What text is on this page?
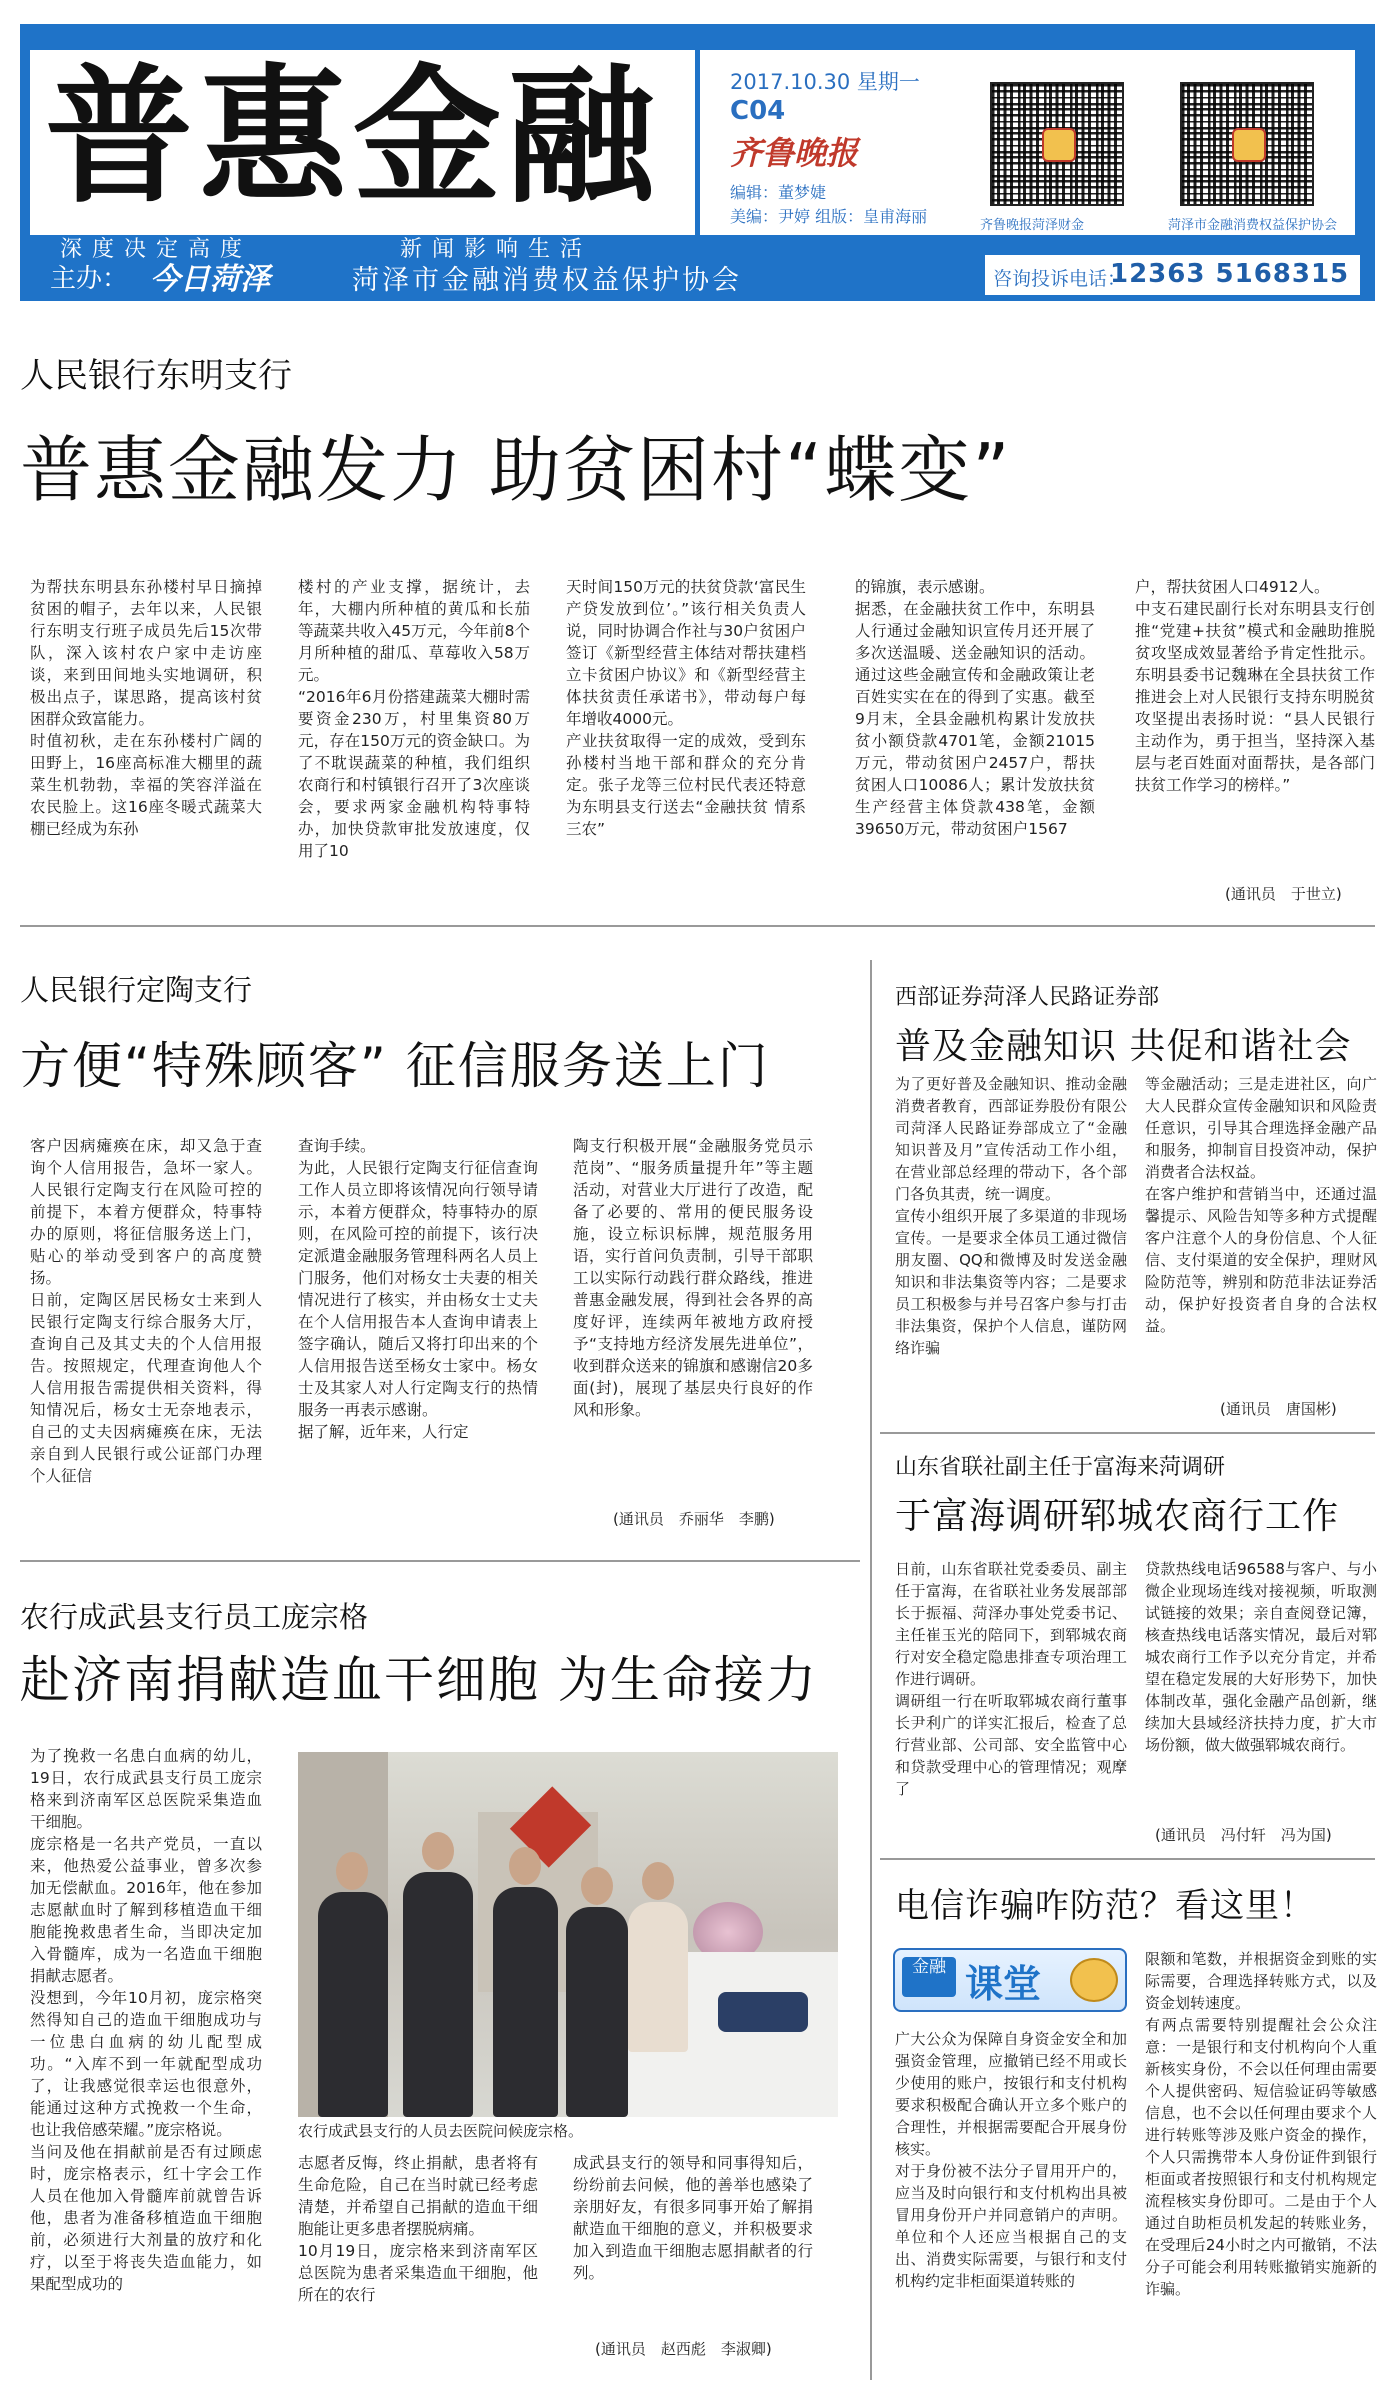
普惠金融
深度决定高度	新闻影响生活
2017.10.30 星期一
C04
齐鲁晚报
编辑：董梦婕
美编：尹婷 组版：皇甫海丽	齐鲁晚报菏泽财金	菏泽市金融消费权益保护协会
主办： 今日菏泽	菏泽市金融消费权益保护协会	咨询投诉电话：
12363 5168315
人民银行东明支行
普惠金融发力 助贫困村“蝶变”
为帮扶东明县东孙楼村早日摘掉贫困的帽子，去年以来，人民银行东明支行班子成员先后15次带队，深入该村农户家中走访座谈，来到田间地头实地调研，积极出点子，谋思路，提高该村贫困群众致富能力。
时值初秋，走在东孙楼村广阔的田野上，16座高标准大棚里的蔬菜生机勃勃，幸福的笑容洋溢在农民脸上。这16座冬暖式蔬菜大棚已经成为东孙
楼村的产业支撑，据统计，去年，大棚内所种植的黄瓜和长茄等蔬菜共收入45万元，今年前8个月所种植的甜瓜、草莓收入58万元。
“2016年6月份搭建蔬菜大棚时需要资金230万，村里集资80万元，存在150万元的资金缺口。为了不耽误蔬菜的种植，我们组织农商行和村镇银行召开了3次座谈会，要求两家金融机构特事特办，加快贷款审批发放速度，仅用了10
天时间150万元的扶贫贷款‘富民生产贷发放到位’。”该行相关负责人说，同时协调合作社与30户贫困户签订《新型经营主体结对帮扶建档立卡贫困户协议》和《新型经营主体扶贫责任承诺书》，带动每户每年增收4000元。
产业扶贫取得一定的成效，受到东孙楼村当地干部和群众的充分肯定。张子龙等三位村民代表还特意为东明县支行送去“金融扶贫 情系三农”
的锦旗，表示感谢。
据悉，在金融扶贫工作中，东明县人行通过金融知识宣传月还开展了多次送温暖、送金融知识的活动。通过这些金融宣传和金融政策让老百姓实实在在的得到了实惠。截至9月末，全县金融机构累计发放扶贫小额贷款4701笔，金额21015万元，带动贫困户2457户，帮扶贫困人口10086人；累计发放扶贫生产经营主体贷款438笔，金额39650万元，带动贫困户1567
户，帮扶贫困人口4912人。
中支石建民副行长对东明县支行创推“党建+扶贫”模式和金融助推脱贫攻坚成效显著给予肯定性批示。东明县委书记魏琳在全县扶贫工作推进会上对人民银行支持东明脱贫攻坚提出表扬时说：“县人民银行主动作为，勇于担当，坚持深入基层与老百姓面对面帮扶，是各部门扶贫工作学习的榜样。”
(通讯员　于世立)
人民银行定陶支行
方便“特殊顾客” 征信服务送上门
客户因病瘫痪在床，却又急于查询个人信用报告，急坏一家人。人民银行定陶支行在风险可控的前提下，本着方便群众，特事特办的原则，将征信服务送上门，贴心的举动受到客户的高度赞扬。
日前，定陶区居民杨女士来到人民银行定陶支行综合服务大厅，查询自己及其丈夫的个人信用报告。按照规定，代理查询他人个人信用报告需提供相关资料，得知情况后，杨女士无奈地表示，自己的丈夫因病瘫痪在床，无法亲自到人民银行或公证部门办理个人征信
查询手续。
为此，人民银行定陶支行征信查询工作人员立即将该情况向行领导请示，本着方便群众，特事特办的原则，在风险可控的前提下，该行决定派遣金融服务管理科两名人员上门服务，他们对杨女士夫妻的相关情况进行了核实，并由杨女士丈夫在个人信用报告本人查询申请表上签字确认，随后又将打印出来的个人信用报告送至杨女士家中。杨女士及其家人对人行定陶支行的热情服务一再表示感谢。
据了解，近年来，人行定
陶支行积极开展“金融服务党员示范岗”、“服务质量提升年”等主题活动，对营业大厅进行了改造，配备了必要的、常用的便民服务设施，设立标识标牌，规范服务用语，实行首问负责制，引导干部职工以实际行动践行群众路线，推进普惠金融发展，得到社会各界的高度好评，连续两年被地方政府授予“支持地方经济发展先进单位”，收到群众送来的锦旗和感谢信20多面(封)，展现了基层央行良好的作风和形象。
(通讯员　乔丽华　李鹏)
农行成武县支行员工庞宗格
赴济南捐献造血干细胞 为生命接力
为了挽救一名患白血病的幼儿，19日，农行成武县支行员工庞宗格来到济南军区总医院采集造血干细胞。
庞宗格是一名共产党员，一直以来，他热爱公益事业，曾多次参加无偿献血。2016年，他在参加志愿献血时了解到移植造血干细胞能挽救患者生命，当即决定加入骨髓库，成为一名造血干细胞捐献志愿者。
没想到，今年10月初，庞宗格突然得知自己的造血干细胞成功与一位患白血病的幼儿配型成功。“入库不到一年就配型成功了，让我感觉很幸运也很意外，能通过这种方式挽救一个生命，也让我倍感荣耀。”庞宗格说。
当问及他在捐献前是否有过顾虑时，庞宗格表示，红十字会工作人员在他加入骨髓库前就曾告诉他，患者为准备移植造血干细胞前，必须进行大剂量的放疗和化疗，以至于将丧失造血能力，如果配型成功的
农行成武县支行的人员去医院问候庞宗格。
志愿者反悔，终止捐献，患者将有生命危险，自己在当时就已经考虑清楚，并希望自己捐献的造血干细胞能让更多患者摆脱病痛。
10月19日，庞宗格来到济南军区总医院为患者采集造血干细胞，他所在的农行
成武县支行的领导和同事得知后，纷纷前去问候，他的善举也感染了亲朋好友，有很多同事开始了解捐献造血干细胞的意义，并积极要求加入到造血干细胞志愿捐献者的行列。
(通讯员　赵西彪　李淑卿)
西部证券菏泽人民路证券部
普及金融知识 共促和谐社会
为了更好普及金融知识、推动金融消费者教育，西部证券股份有限公司菏泽人民路证券部成立了“金融知识普及月”宣传活动工作小组，在营业部总经理的带动下，各个部门各负其责，统一调度。
宣传小组织开展了多渠道的非现场宣传。一是要求全体员工通过微信朋友圈、QQ和微博及时发送金融知识和非法集资等内容；二是要求员工积极参与并号召客户参与打击非法集资，保护个人信息，谨防网络诈骗
等金融活动；三是走进社区，向广大人民群众宣传金融知识和风险责任意识，引导其合理选择金融产品和服务，抑制盲目投资冲动，保护消费者合法权益。
在客户维护和营销当中，还通过温馨提示、风险告知等多种方式提醒客户注意个人的身份信息、个人征信、支付渠道的安全保护，理财风险防范等，辨别和防范非法证券活动，保护好投资者自身的合法权益。
(通讯员　唐国彬)
山东省联社副主任于富海来菏调研
于富海调研郓城农商行工作
日前，山东省联社党委委员、副主任于富海，在省联社业务发展部部长于振福、菏泽办事处党委书记、主任崔玉光的陪同下，到郓城农商行对安全稳定隐患排查专项治理工作进行调研。
调研组一行在听取郓城农商行董事长尹利广的详实汇报后，检查了总行营业部、公司部、安全监管中心和贷款受理中心的管理情况；观摩了
贷款热线电话96588与客户、与小微企业现场连线对接视频，听取测试链接的效果；亲自查阅登记簿，核查热线电话落实情况，最后对郓城农商行工作予以充分肯定，并希望在稳定发展的大好形势下，加快体制改革，强化金融产品创新，继续加大县域经济扶持力度，扩大市场份额，做大做强郓城农商行。
(通讯员　冯付轩　冯为国)
电信诈骗咋防范？看这里！
金融 课堂
广大公众为保障自身资金安全和加强资金管理，应撤销已经不用或长少使用的账户，按银行和支付机构要求积极配合确认开立多个账户的合理性，并根据需要配合开展身份核实。
对于身份被不法分子冒用开户的，应当及时向银行和支付机构出具被冒用身份开户并同意销户的声明。单位和个人还应当根据自己的支出、消费实际需要，与银行和支付机构约定非柜面渠道转账的
限额和笔数，并根据资金到账的实际需要，合理选择转账方式，以及资金划转速度。
有两点需要特别提醒社会公众注意：一是银行和支付机构向个人重新核实身份，不会以任何理由需要个人提供密码、短信验证码等敏感信息，也不会以任何理由要求个人进行转账等涉及账户资金的操作，个人只需携带本人身份证件到银行柜面或者按照银行和支付机构规定流程核实身份即可。二是由于个人通过自助柜员机发起的转账业务，在受理后24小时之内可撤销，不法分子可能会利用转账撤销实施新的诈骗。
